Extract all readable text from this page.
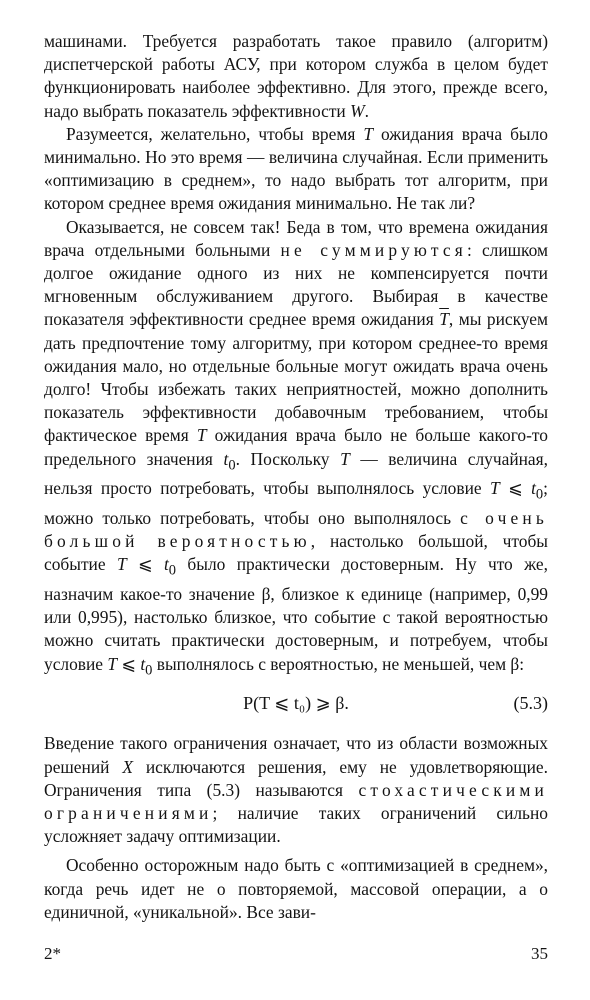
машинами. Требуется разработать такое правило (алгоритм) диспетчерской работы АСУ, при котором служба в целом будет функционировать наиболее эффективно. Для этого, прежде всего, надо выбрать показатель эффективности W.

Разумеется, желательно, чтобы время T ожидания врача было минимально. Но это время — величина случайная. Если применить «оптимизацию в среднем», то надо выбрать тот алгоритм, при котором среднее время ожидания минимально. Не так ли?

Оказывается, не совсем так! Беда в том, что времена ожидания врача отдельными больными не суммируются: слишком долгое ожидание одного из них не компенсируется почти мгновенным обслуживанием другого. Выбирая в качестве показателя эффективности среднее время ожидания $\overline{T}$, мы рискуем дать предпочтение тому алгоритму, при котором среднее-то время ожидания мало, но отдельные больные могут ожидать врача очень долго! Чтобы избежать таких неприятностей, можно дополнить показатель эффективности добавочным требованием, чтобы фактическое время T ожидания врача было не больше какого-то предельного значения $t_0$. Поскольку T — величина случайная, нельзя просто потребовать, чтобы выполнялось условие T ⩽ $t_0$; можно только потребовать, чтобы оно выполнялось с очень большой вероятностью, настолько большой, чтобы событие T ⩽ $t_0$ было практически достоверным. Ну что же, назначим какое-то значение β, близкое к единице (например, 0,99 или 0,995), настолько близкое, что событие с такой вероятностью можно считать практически достоверным, и потребуем, чтобы условие T ⩽ $t_0$ выполнялось с вероятностью, не меньшей, чем β:

P(T ⩽ t₀) ⩾ β.	(5.3)

Введение такого ограничения означает, что из области возможных решений X исключаются решения, ему не удовлетворяющие. Ограничения типа (5.3) называются стохастическими ограничениями; наличие таких ограничений сильно усложняет задачу оптимизации.

Особенно осторожным надо быть с «оптимизацией в среднем», когда речь идет не о повторяемой, массовой операции, а о единичной, «уникальной». Все зави-

2*	35
